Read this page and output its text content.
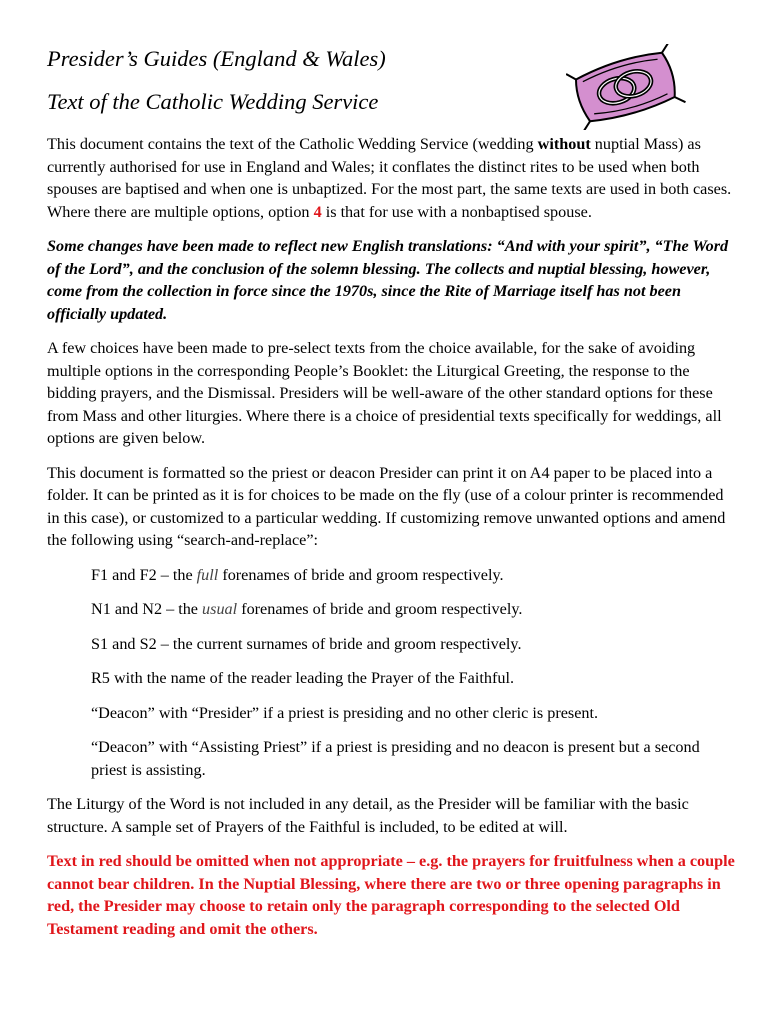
Presider’s Guides (England & Wales)
Text of the Catholic Wedding Service

This document contains the text of the Catholic Wedding Service (wedding without nuptial Mass) as currently authorised for use in England and Wales; it conflates the distinct rites to be used when both spouses are baptised and when one is unbaptized. For the most part, the same texts are used in both cases. Where there are multiple options, option 4 is that for use with a nonbaptised spouse.

Some changes have been made to reflect new English translations: “And with your spirit”, “The Word of the Lord”, and the conclusion of the solemn blessing. The collects and nuptial blessing, however, come from the collection in force since the 1970s, since the Rite of Marriage itself has not been officially updated.

A few choices have been made to pre-select texts from the choice available, for the sake of avoiding multiple options in the corresponding People’s Booklet: the Liturgical Greeting, the response to the bidding prayers, and the Dismissal. Presiders will be well-aware of the other standard options for these from Mass and other liturgies. Where there is a choice of presidential texts specifically for weddings, all options are given below.

This document is formatted so the priest or deacon Presider can print it on A4 paper to be placed into a folder. It can be printed as it is for choices to be made on the fly (use of a colour printer is recommended in this case), or customized to a particular wedding. If customizing remove unwanted options and amend the following using “search-and-replace”:

F1 and F2 – the full forenames of bride and groom respectively.

N1 and N2 – the usual forenames of bride and groom respectively.

S1 and S2 – the current surnames of bride and groom respectively.

R5 with the name of the reader leading the Prayer of the Faithful.

“Deacon” with “Presider” if a priest is presiding and no other cleric is present.

“Deacon” with “Assisting Priest” if a priest is presiding and no deacon is present but a second priest is assisting.

The Liturgy of the Word is not included in any detail, as the Presider will be familiar with the basic structure. A sample set of Prayers of the Faithful is included, to be edited at will.

Text in red should be omitted when not appropriate – e.g. the prayers for fruitfulness when a couple cannot bear children. In the Nuptial Blessing, where there are two or three opening paragraphs in red, the Presider may choose to retain only the paragraph corresponding to the selected Old Testament reading and omit the others.
